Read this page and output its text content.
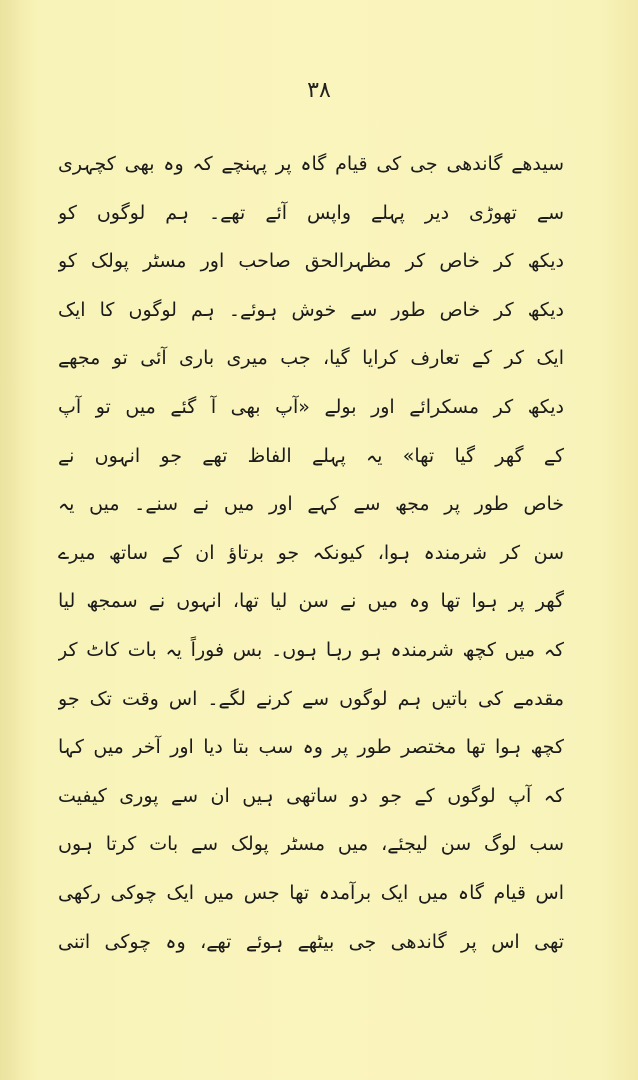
۳۸
سیدھے گاندھی جی کی قیام گاہ پر پہنچے کہ وہ بھی کچہری
سے تھوڑی دیر پہلے واپس آئے تھے۔ ہم لوگوں کو
دیکھ کر خاص کر مظہرالحق صاحب اور مسٹر پولک کو
دیکھ کر خاص طور سے خوش ہوئے۔ ہم لوگوں کا ایک
ایک کر کے تعارف کرایا گیا، جب میری باری آئی تو مجھے
دیکھ کر مسکرائے اور بولے «آپ بھی آ گئے میں تو آپ
کے گھر گیا تھا» یہ پہلے الفاظ تھے جو انہوں نے
خاص طور پر مجھ سے کہے اور میں نے سنے۔ میں یہ
سن کر شرمندہ ہوا، کیونکہ جو برتاؤ ان کے ساتھ میرے
گھر پر ہوا تھا وہ میں نے سن لیا تھا، انہوں نے سمجھ لیا
کہ میں کچھ شرمندہ ہو رہا ہوں۔ بس فوراً یہ بات کاٹ کر
مقدمے کی باتیں ہم لوگوں سے کرنے لگے۔ اس وقت تک جو
کچھ ہوا تھا مختصر طور پر وہ سب بتا دیا اور آخر میں کہا
کہ آپ لوگوں کے جو دو ساتھی ہیں ان سے پوری کیفیت
سب لوگ سن لیجئے، میں مسٹر پولک سے بات کرتا ہوں
اس قیام گاہ میں ایک برآمدہ تھا جس میں ایک چوکی رکھی
تھی اس پر گاندھی جی بیٹھے ہوئے تھے، وہ چوکی اتنی
